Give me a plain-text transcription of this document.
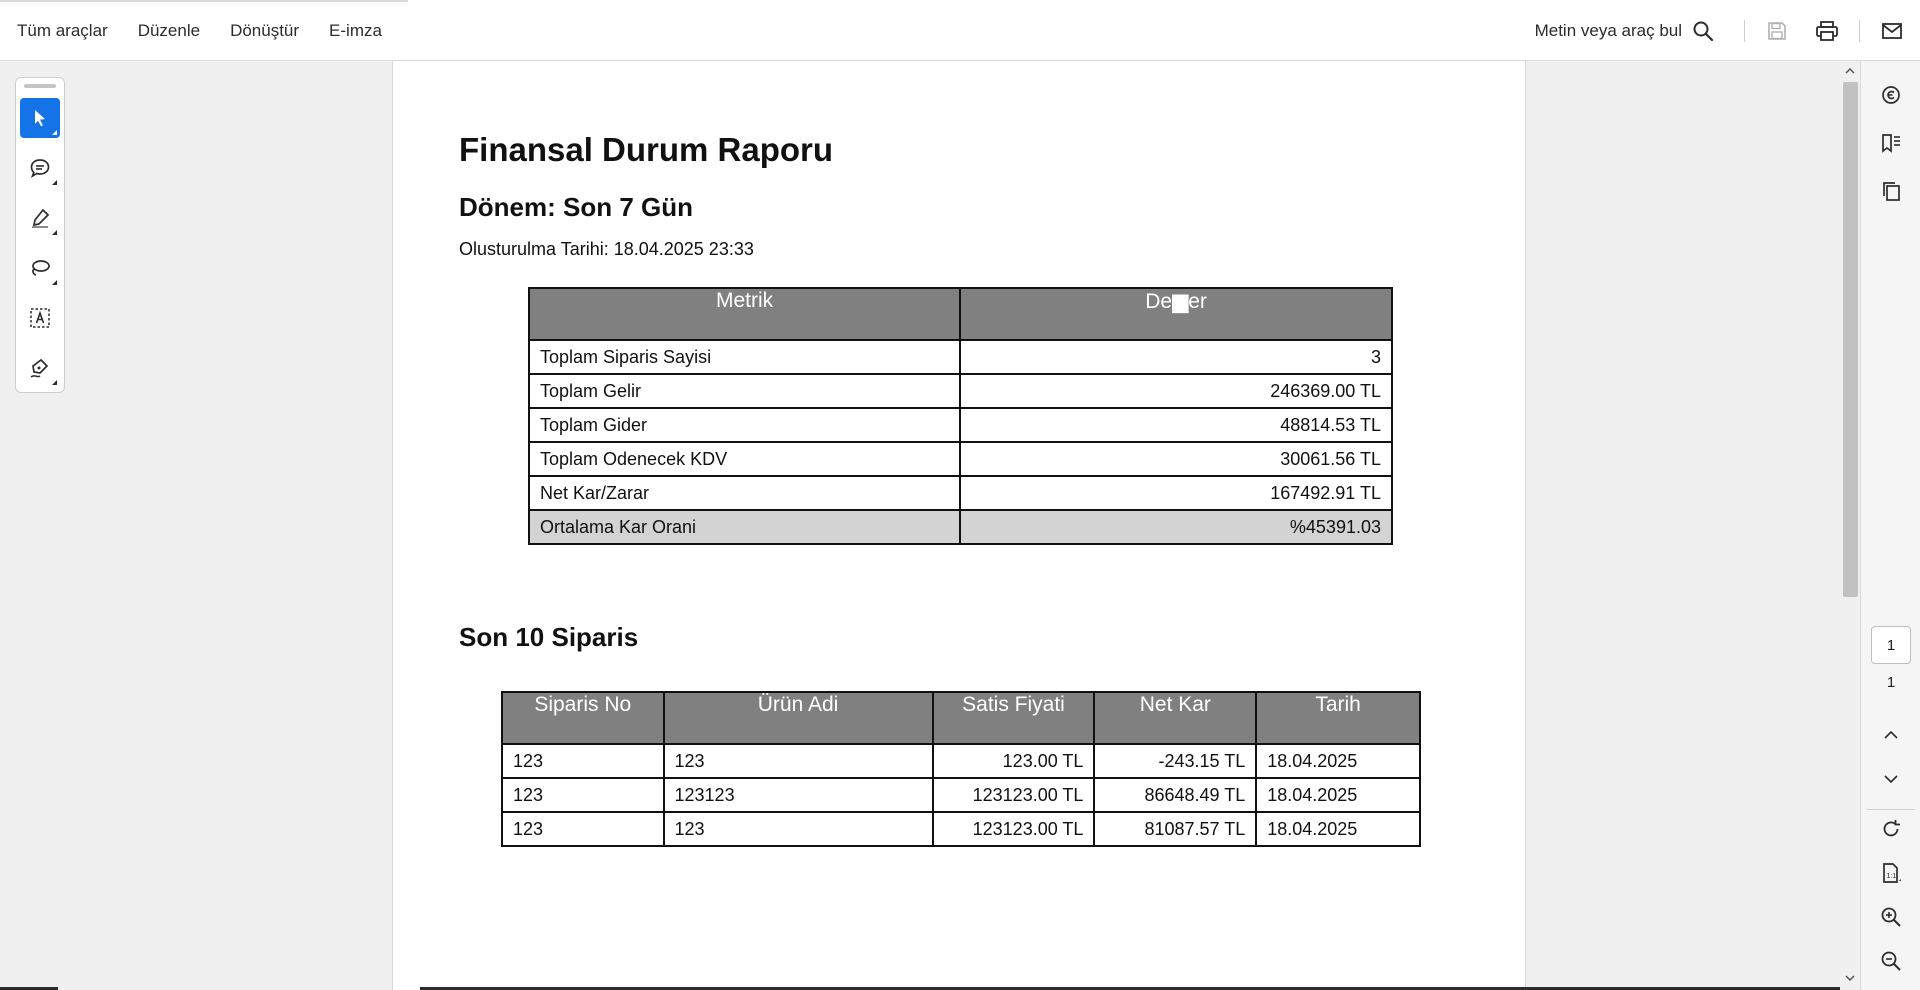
Tüm araçlar	Düzenle	Dönüştür	E-imza	Metin veya araç bul
Finansal Durum Raporu
Dönem: Son 7 Gün
Olusturulma Tarihi: 18.04.2025 23:33
Metrik	De▆er
Toplam Siparis Sayisi	3
Toplam Gelir	246369.00 TL
Toplam Gider	48814.53 TL
Toplam Odenecek KDV	30061.56 TL
Net Kar/Zarar	167492.91 TL
Ortalama Kar Orani	%45391.03
Son 10 Siparis
Siparis No	Ürün Adi	Satis Fiyati	Net Kar	Tarih
123	123	123.00 TL	-243.15 TL	18.04.2025
123	123123	123123.00 TL	86648.49 TL	18.04.2025
123	123	123123.00 TL	81087.57 TL	18.04.2025
1
1
1:1
